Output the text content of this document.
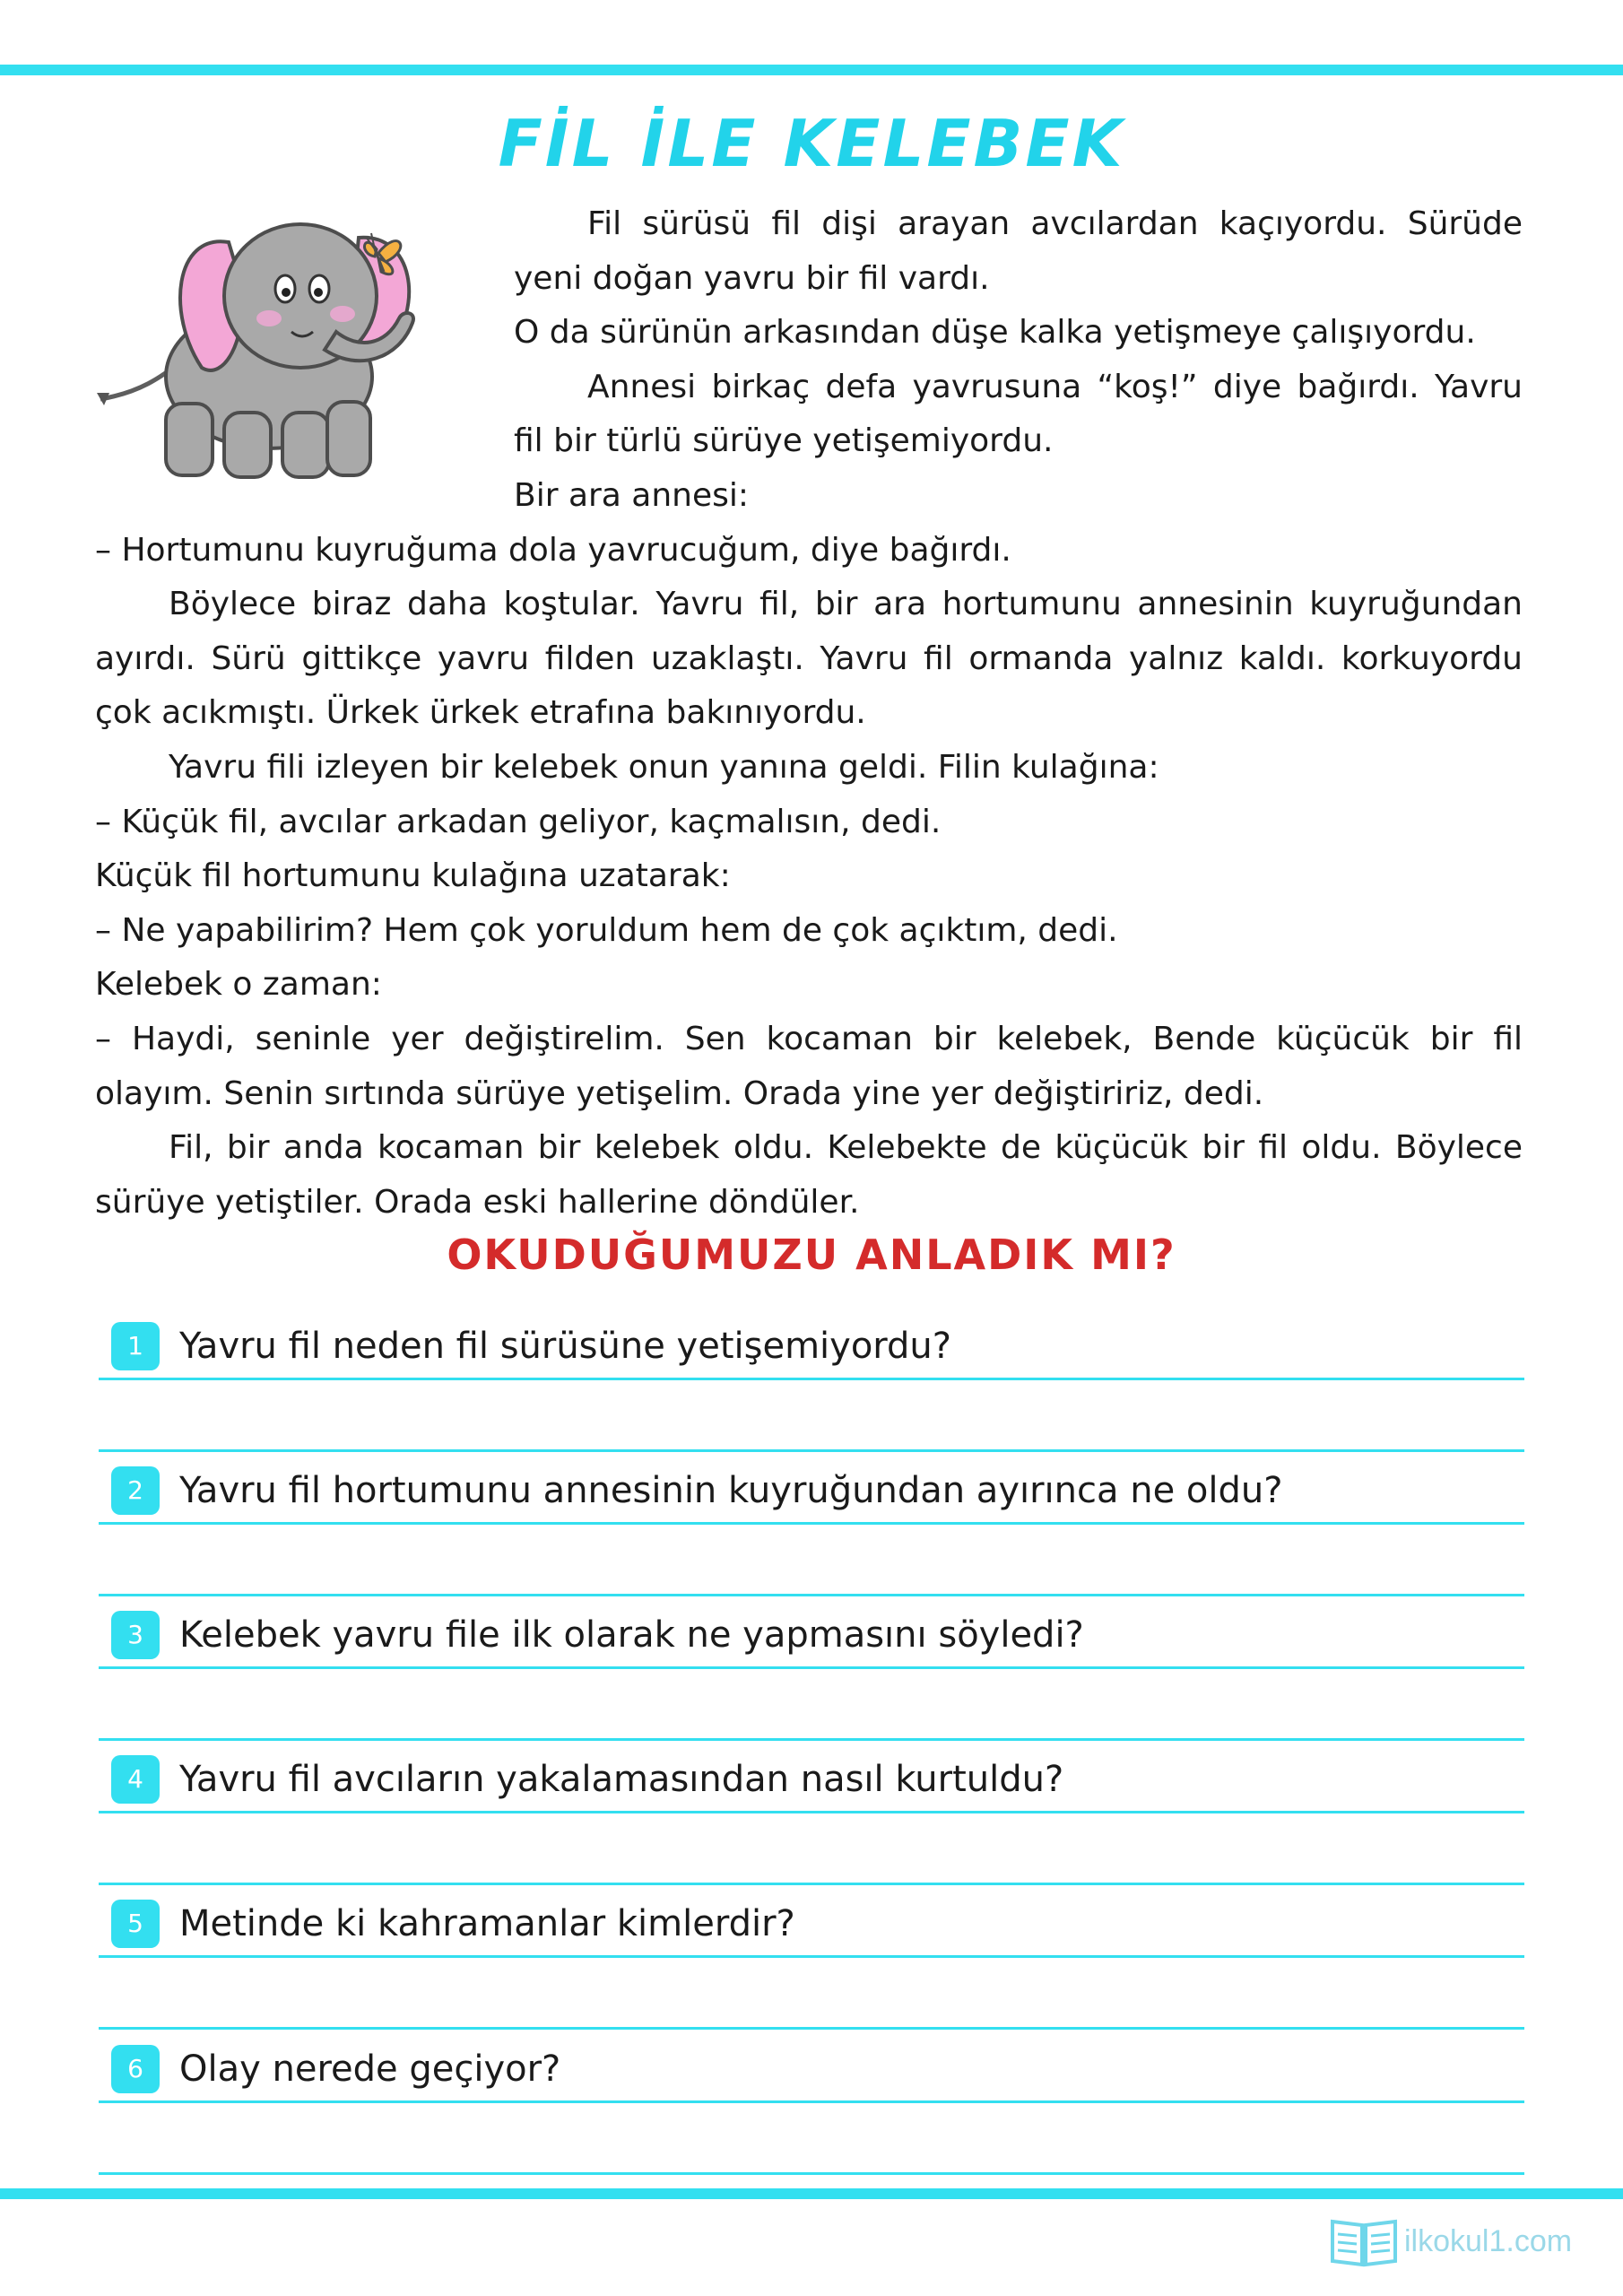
FİL İLE KELEBEK

Fil sürüsü fil dişi arayan avcılardan kaçıyordu. Sürüde yeni doğan yavru bir fil vardı.

O da sürünün arkasından düşe kalka yetişmeye çalışıyordu.

Annesi birkaç defa yavrusuna “koş!” diye bağırdı. Yavru fil bir türlü sürüye yetişemiyordu.

Bir ara annesi:

– Hortumunu kuyruğuma dola yavrucuğum, diye bağırdı.

Böylece biraz daha koştular. Yavru fil, bir ara hortumunu annesinin kuyruğundan ayırdı. Sürü gittikçe yavru filden uzaklaştı. Yavru fil ormanda yalnız kaldı. korkuyordu çok acıkmıştı. Ürkek ürkek etrafına bakınıyordu.

Yavru fili izleyen bir kelebek onun yanına geldi. Filin kulağına:

– Küçük fil, avcılar arkadan geliyor, kaçmalısın, dedi.

Küçük fil hortumunu kulağına uzatarak:

– Ne yapabilirim? Hem çok yoruldum hem de çok açıktım, dedi.

Kelebek o zaman:

– Haydi, seninle yer değiştirelim. Sen kocaman bir kelebek, Bende küçücük bir fil olayım. Senin sırtında sürüye yetişelim. Orada yine yer değiştiririz, dedi.

Fil, bir anda kocaman bir kelebek oldu. Kelebekte de küçücük bir fil oldu. Böylece sürüye yetiştiler. Orada eski hallerine döndüler.

OKUDUĞUMUZU ANLADIK MI?
1	Yavru fil neden fil sürüsüne yetişemiyordu?
2	Yavru fil hortumunu annesinin kuyruğundan ayırınca ne oldu?
3	Kelebek yavru file ilk olarak ne yapmasını söyledi?
4	Yavru fil avcıların yakalamasından nasıl kurtuldu?
5	Metinde ki kahramanlar kimlerdir?
6	Olay nerede geçiyor?
ilkokul1.com
